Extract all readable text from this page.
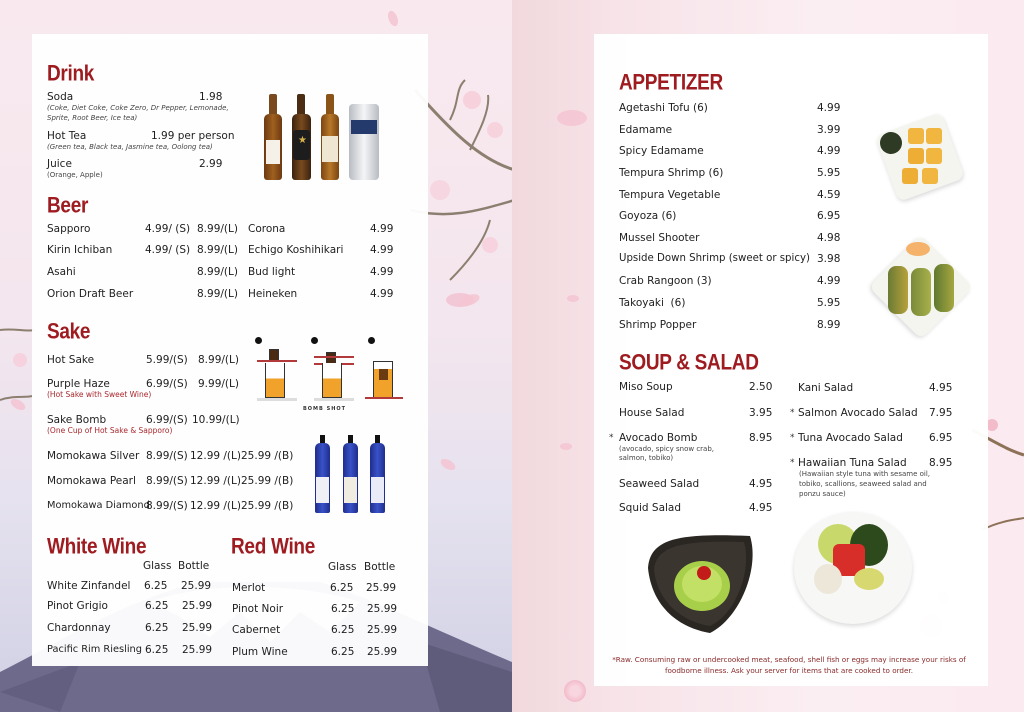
Drink
Soda	1.98
(Coke, Diet Coke, Coke Zero, Dr Pepper, Lemonade,
Sprite, Root Beer, Ice tea)
Hot Tea	1.99 per person
(Green tea, Black tea, Jasmine tea, Oolong tea)
Juice	2.99
(Orange, Apple)
★
Beer
Sapporo	4.99/ (S) 8.99/(L)
Kirin Ichiban	4.99/ (S) 8.99/(L)
Asahi	8.99/(L)
Orion Draft Beer	8.99/(L)
Corona	4.99
Echigo Koshihikari	4.99
Bud light	4.99
Heineken	4.99
Sake
Hot Sake	5.99/(S) 8.99/(L)
Purple Haze	6.99/(S) 9.99/(L)
(Hot Sake with Sweet Wine)
Sake Bomb	6.99/(S) 10.99/(L)
(One Cup of Hot Sake & Sapporo)
Momokawa Silver 8.99/(S) 12.99 /(L) 25.99 /(B)
Momokawa Pearl 8.99/(S) 12.99 /(L) 25.99 /(B)
Momokawa Diamond
8.99/(S) 12.99 /(L) 25.99 /(B)
BOMB SHOT
White Wine
Glass Bottle
White Zinfandel 6.25 25.99
Pinot Grigio	6.25 25.99
Chardonnay	6.25 25.99
Pacific Rim Riesling 6.25 25.99
Red Wine
Glass Bottle
Merlot	6.25 25.99
Pinot Noir	6.25 25.99
Cabernet	6.25 25.99
Plum Wine	6.25 25.99
APPETIZER
Agetashi Tofu (6)	4.99
Edamame	3.99
Spicy Edamame	4.99
Tempura Shrimp (6)	5.95
Tempura Vegetable	4.59
Goyoza (6)	6.95
Mussel Shooter	4.98
Upside Down Shrimp (sweet or spicy) 3.98
Crab Rangoon (3)	4.99
Takoyaki  (6)	5.95
Shrimp Popper	8.99
SOUP & SALAD
Miso Soup	2.50
House Salad	3.95
* Avocado Bomb	8.95
(avocado, spicy snow crab,
salmon, tobiko)
Seaweed Salad	4.95
Squid Salad	4.95
Kani Salad	4.95
* Salmon Avocado Salad 7.95
* Tuna Avocado Salad 6.95
* Hawaiian Tuna Salad 8.95
(Hawaiian style tuna with sesame oil,
tobiko, scallions, seaweed salad and
ponzu sauce)
*Raw. Consuming raw or undercooked meat, seafood, shell fish or eggs may increase your risks of
foodborne illness. Ask your server for items that are cooked to order.
